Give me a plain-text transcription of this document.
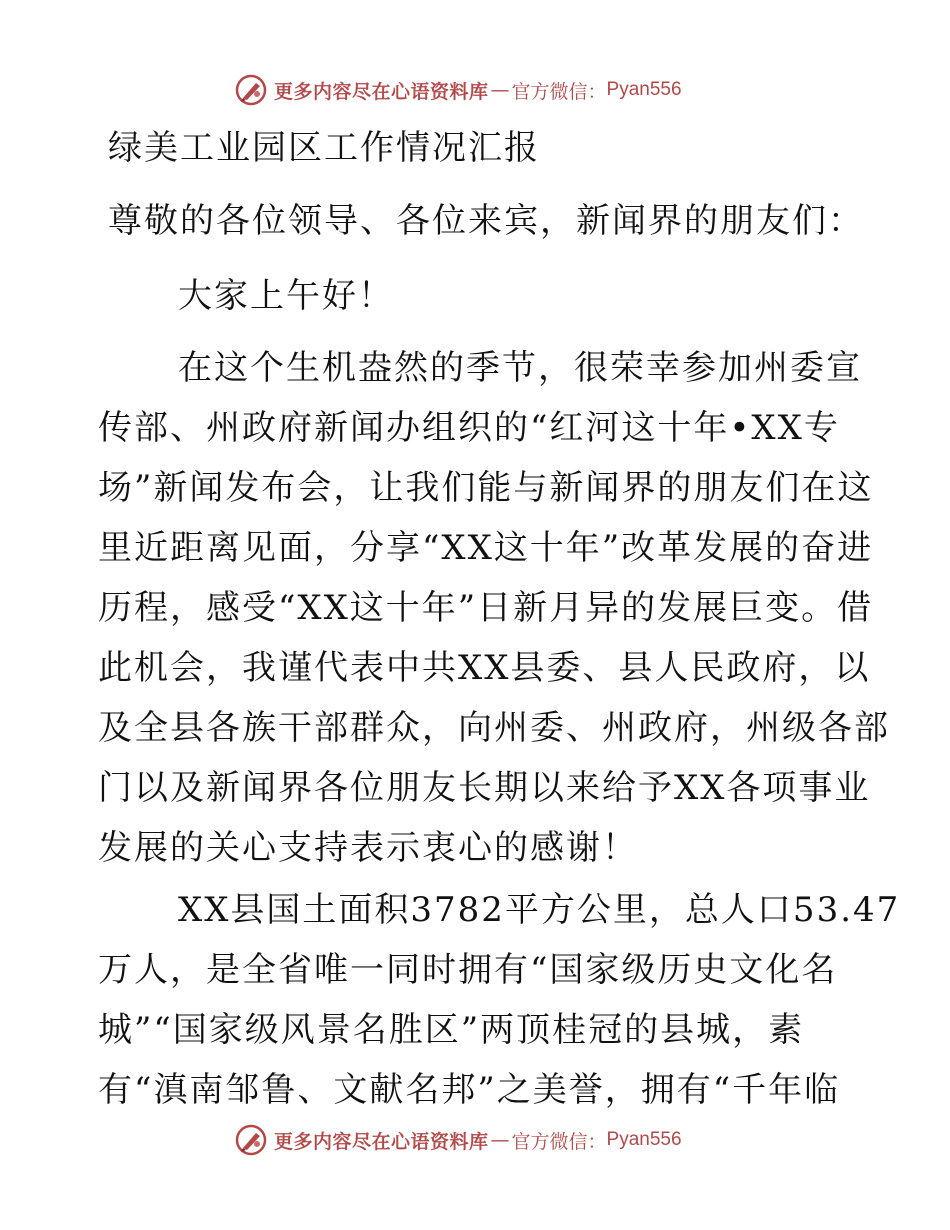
更多内容尽在心语资料库 — 官方微信： Pyan556
绿美工业园区工作情况汇报
尊敬的各位领导、各位来宾，新闻界的朋友们：
大家上午好！
在这个生机盎然的季节，很荣幸参加州委宣
传部、州政府新闻办组织的“红河这十年•XX专
场”新闻发布会，让我们能与新闻界的朋友们在这
里近距离见面，分享“XX这十年”改革发展的奋进
历程，感受“XX这十年”日新月异的发展巨变。借
此机会，我谨代表中共XX县委、县人民政府，以
及全县各族干部群众，向州委、州政府，州级各部
门以及新闻界各位朋友长期以来给予XX各项事业
发展的关心支持表示衷心的感谢！
XX县国土面积3782平方公里，总人口53.47
万人，是全省唯一同时拥有“国家级历史文化名
城”“国家级风景名胜区”两顶桂冠的县城，素
有“滇南邹鲁、文献名邦”之美誉，拥有“千年临
更多内容尽在心语资料库 — 官方微信： Pyan556
